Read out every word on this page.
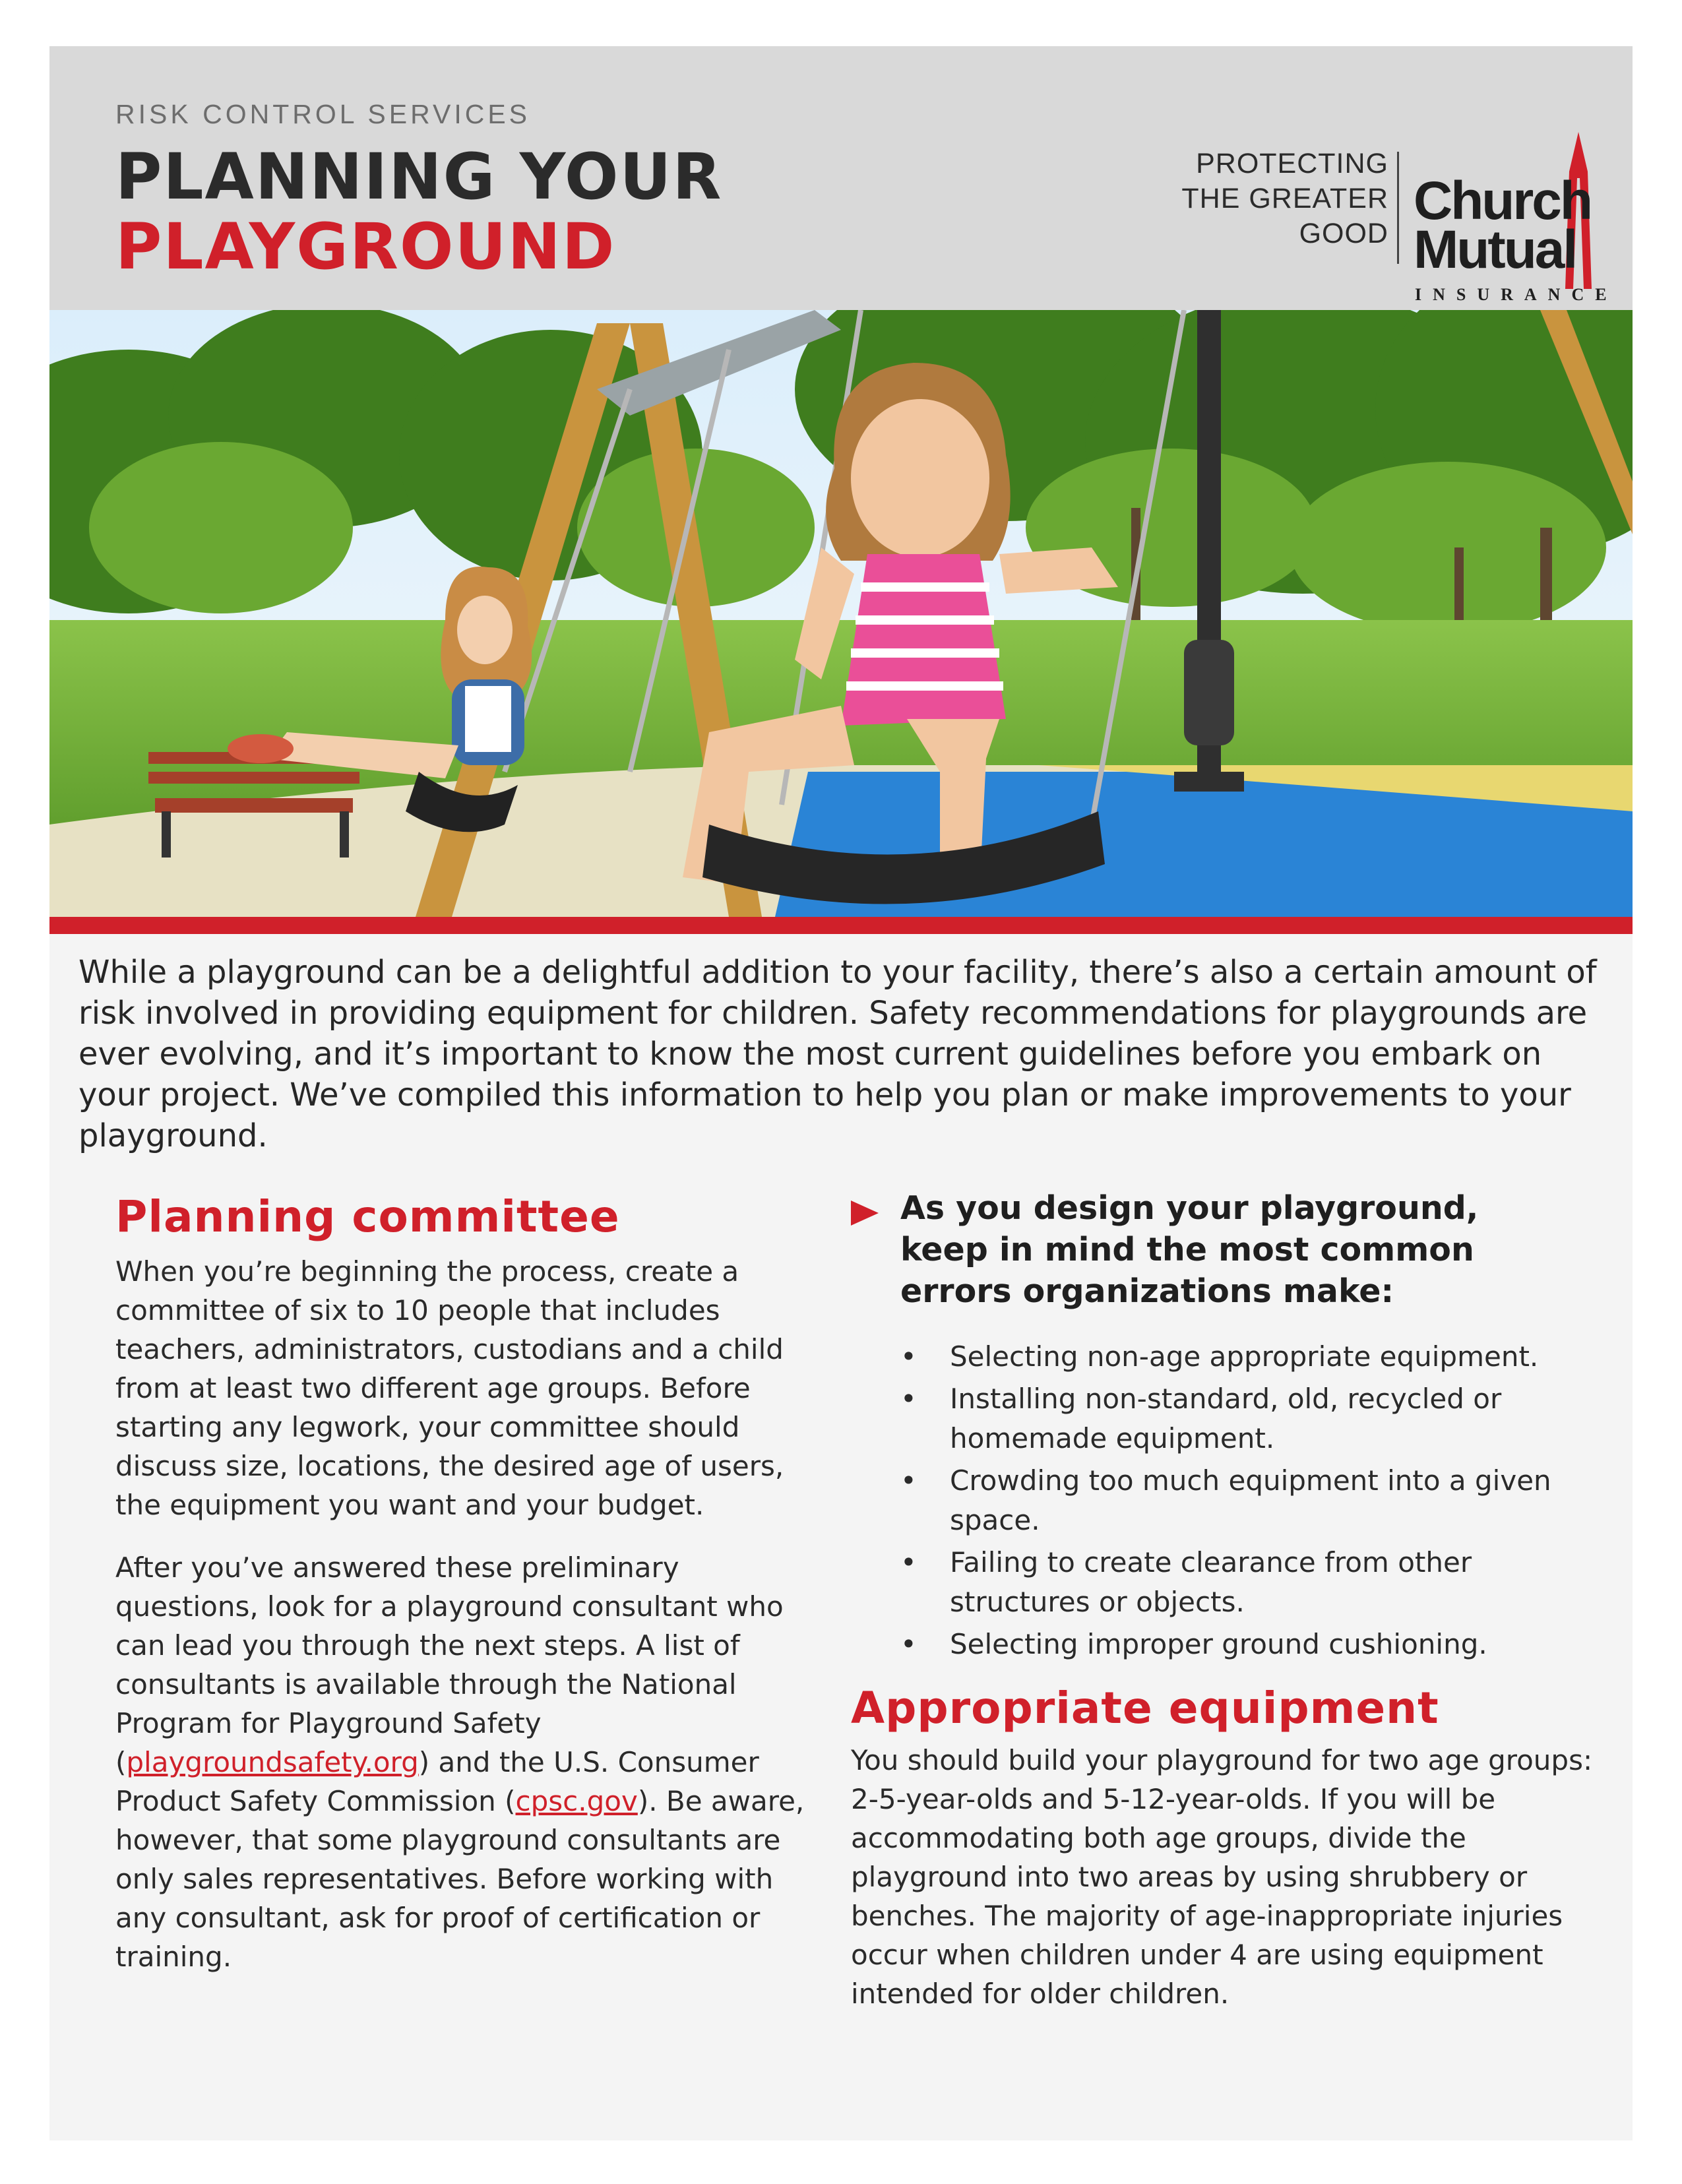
RISK CONTROL SERVICES
PLANNING YOUR
PLAYGROUND
PROTECTING
THE GREATER
GOOD
Church
Mutual
INSURANCE

While a playground can be a delightful addition to your facility, there’s also a certain amount of risk involved in providing equipment for children. Safety recommendations for playgrounds are ever evolving, and it’s important to know the most current guidelines before you embark on your project. We’ve compiled this information to help you plan or make improvements to your playground.

Planning committee

When you’re beginning the process, create a committee of six to 10 people that includes teachers, administrators, custodians and a child from at least two different age groups. Before starting any legwork, your committee should discuss size, locations, the desired age of users, the equipment you want and your budget.

After you’ve answered these preliminary questions, look for a playground consultant who can lead you through the next steps. A list of consultants is available through the National Program for Playground Safety (playgroundsafety.org) and the U.S. Consumer Product Safety Commission (cpsc.gov). Be aware, however, that some playground consultants are only sales representatives. Before working with any consultant, ask for proof of certification or training.

As you design your playground,
keep in mind the most common
errors organizations make:

• Selecting non-age appropriate equipment.
• Installing non-standard, old, recycled or homemade equipment.
• Crowding too much equipment into a given space.
• Failing to create clearance from other structures or objects.
• Selecting improper ground cushioning.
Appropriate equipment

You should build your playground for two age groups: 2-5-year-olds and 5-12-year-olds. If you will be accommodating both age groups, divide the playground into two areas by using shrubbery or benches. The majority of age-inappropriate injuries occur when children under 4 are using equipment intended for older children.
